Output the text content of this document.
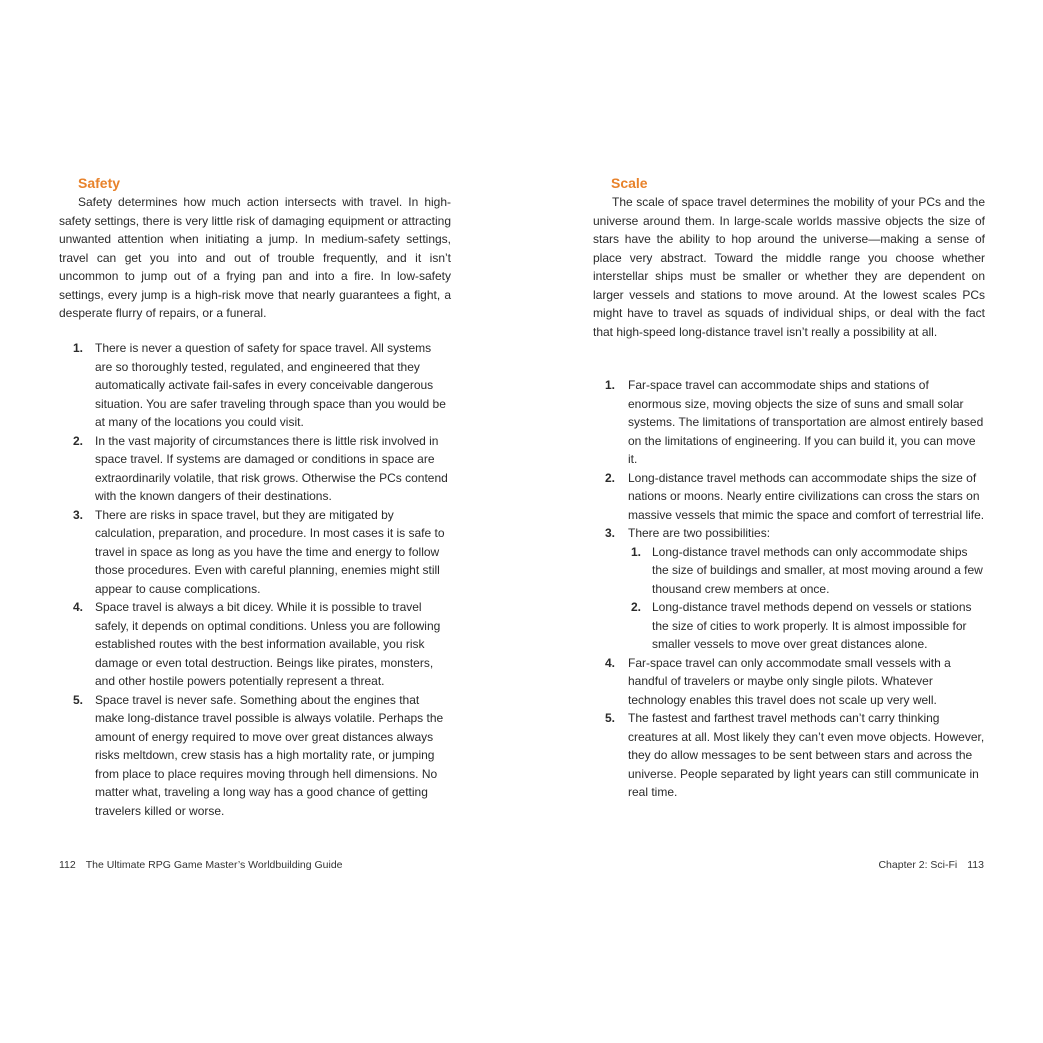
Safety

Safety determines how much action intersects with travel. In high-safety settings, there is very little risk of damaging equipment or attracting unwanted attention when initiating a jump. In medium-safety settings, travel can get you into and out of trouble frequently, and it isn’t uncommon to jump out of a frying pan and into a fire. In low-safety settings, every jump is a high-risk move that nearly guarantees a fight, a desperate flurry of repairs, or a funeral.

1. There is never a question of safety for space travel. All systems are so thoroughly tested, regulated, and engineered that they automatically activate fail-safes in every conceivable dangerous situation. You are safer traveling through space than you would be at many of the locations you could visit.
2. In the vast majority of circumstances there is little risk involved in space travel. If systems are damaged or conditions in space are extraordinarily volatile, that risk grows. Otherwise the PCs contend with the known dangers of their destinations.
3. There are risks in space travel, but they are mitigated by calculation, preparation, and procedure. In most cases it is safe to travel in space as long as you have the time and energy to follow those procedures. Even with careful planning, enemies might still appear to cause complications.
4. Space travel is always a bit dicey. While it is possible to travel safely, it depends on optimal conditions. Unless you are following established routes with the best information available, you risk damage or even total destruction. Beings like pirates, monsters, and other hostile powers potentially represent a threat.
5. Space travel is never safe. Something about the engines that make long-distance travel possible is always volatile. Perhaps the amount of energy required to move over great distances always risks meltdown, crew stasis has a high mortality rate, or jumping from place to place requires moving through hell dimensions. No matter what, traveling a long way has a good chance of getting travelers killed or worse.
Scale

The scale of space travel determines the mobility of your PCs and the universe around them. In large-scale worlds massive objects the size of stars have the ability to hop around the universe—making a sense of place very abstract. Toward the middle range you choose whether interstellar ships must be smaller or whether they are dependent on larger vessels and stations to move around. At the lowest scales PCs might have to travel as squads of individual ships, or deal with the fact that high-speed long-distance travel isn’t really a possibility at all.

1.	Far-space travel can accommodate ships and stations of enormous size, moving objects the size of suns and small solar systems. The limitations of transportation are almost entirely based on the limitations of engineering. If you can build it, you can move it.
2.	Long-distance travel methods can accommodate ships the size of nations or moons. Nearly entire civilizations can cross the stars on massive vessels that mimic the space and comfort of terrestrial life.
3.	There are two possibilities:
1. Long-distance travel methods can only accommodate ships the size of buildings and smaller, at most moving around a few thousand crew members at once.
2. Long-distance travel methods depend on vessels or stations the size of cities to work properly. It is almost impossible for smaller vessels to move over great distances alone.
4.	Far-space travel can only accommodate small vessels with a handful of travelers or maybe only single pilots. Whatever technology enables this travel does not scale up very well.
5.	The fastest and farthest travel methods can’t carry thinking creatures at all. Most likely they can’t even move objects. However, they do allow messages to be sent between stars and across the universe. People separated by light years can still communicate in real time.
112 The Ultimate RPG Game Master’s Worldbuilding Guide	Chapter 2: Sci-Fi 113
